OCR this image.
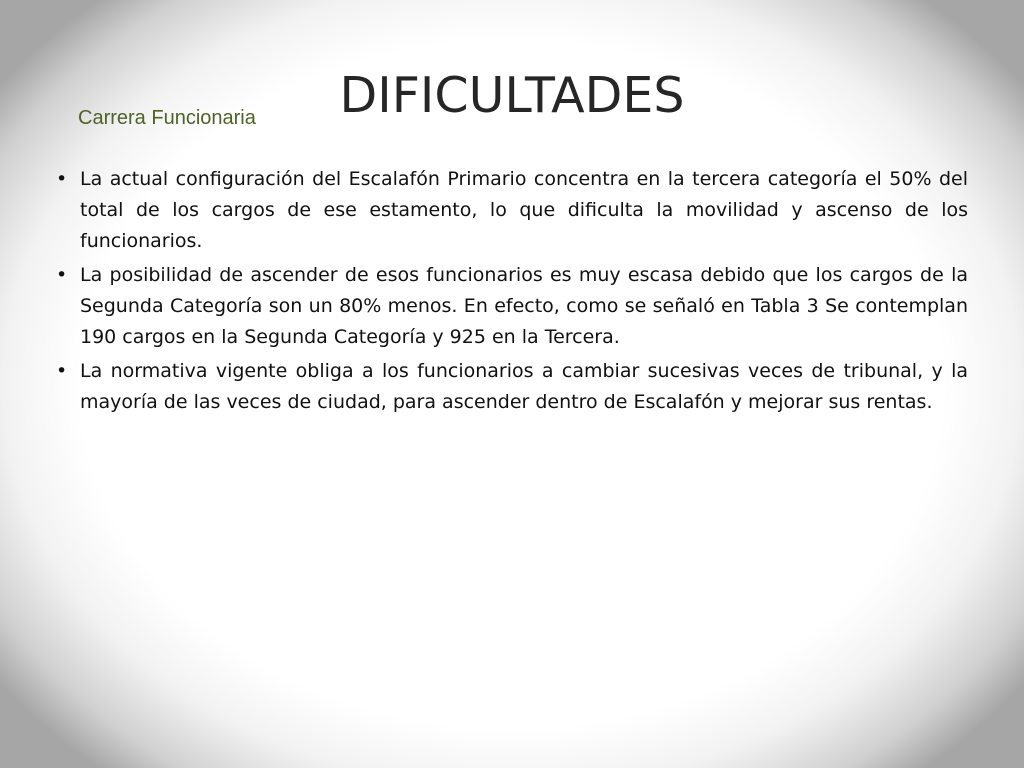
DIFICULTADES
Carrera Funcionaria
• La actual configuración del Escalafón Primario concentra en la tercera categoría el 50% del total de los cargos de ese estamento, lo que dificulta la movilidad y ascenso de los funcionarios.
• La posibilidad de ascender de esos funcionarios es muy escasa debido que los cargos de la Segunda Categoría son un 80% menos. En efecto, como se señaló en Tabla 3 Se contemplan 190 cargos en la Segunda Categoría y 925 en la Tercera.
• La normativa vigente obliga a los funcionarios a cambiar sucesivas veces de tribunal, y la mayoría de las veces de ciudad, para ascender dentro de Escalafón y mejorar sus rentas.
